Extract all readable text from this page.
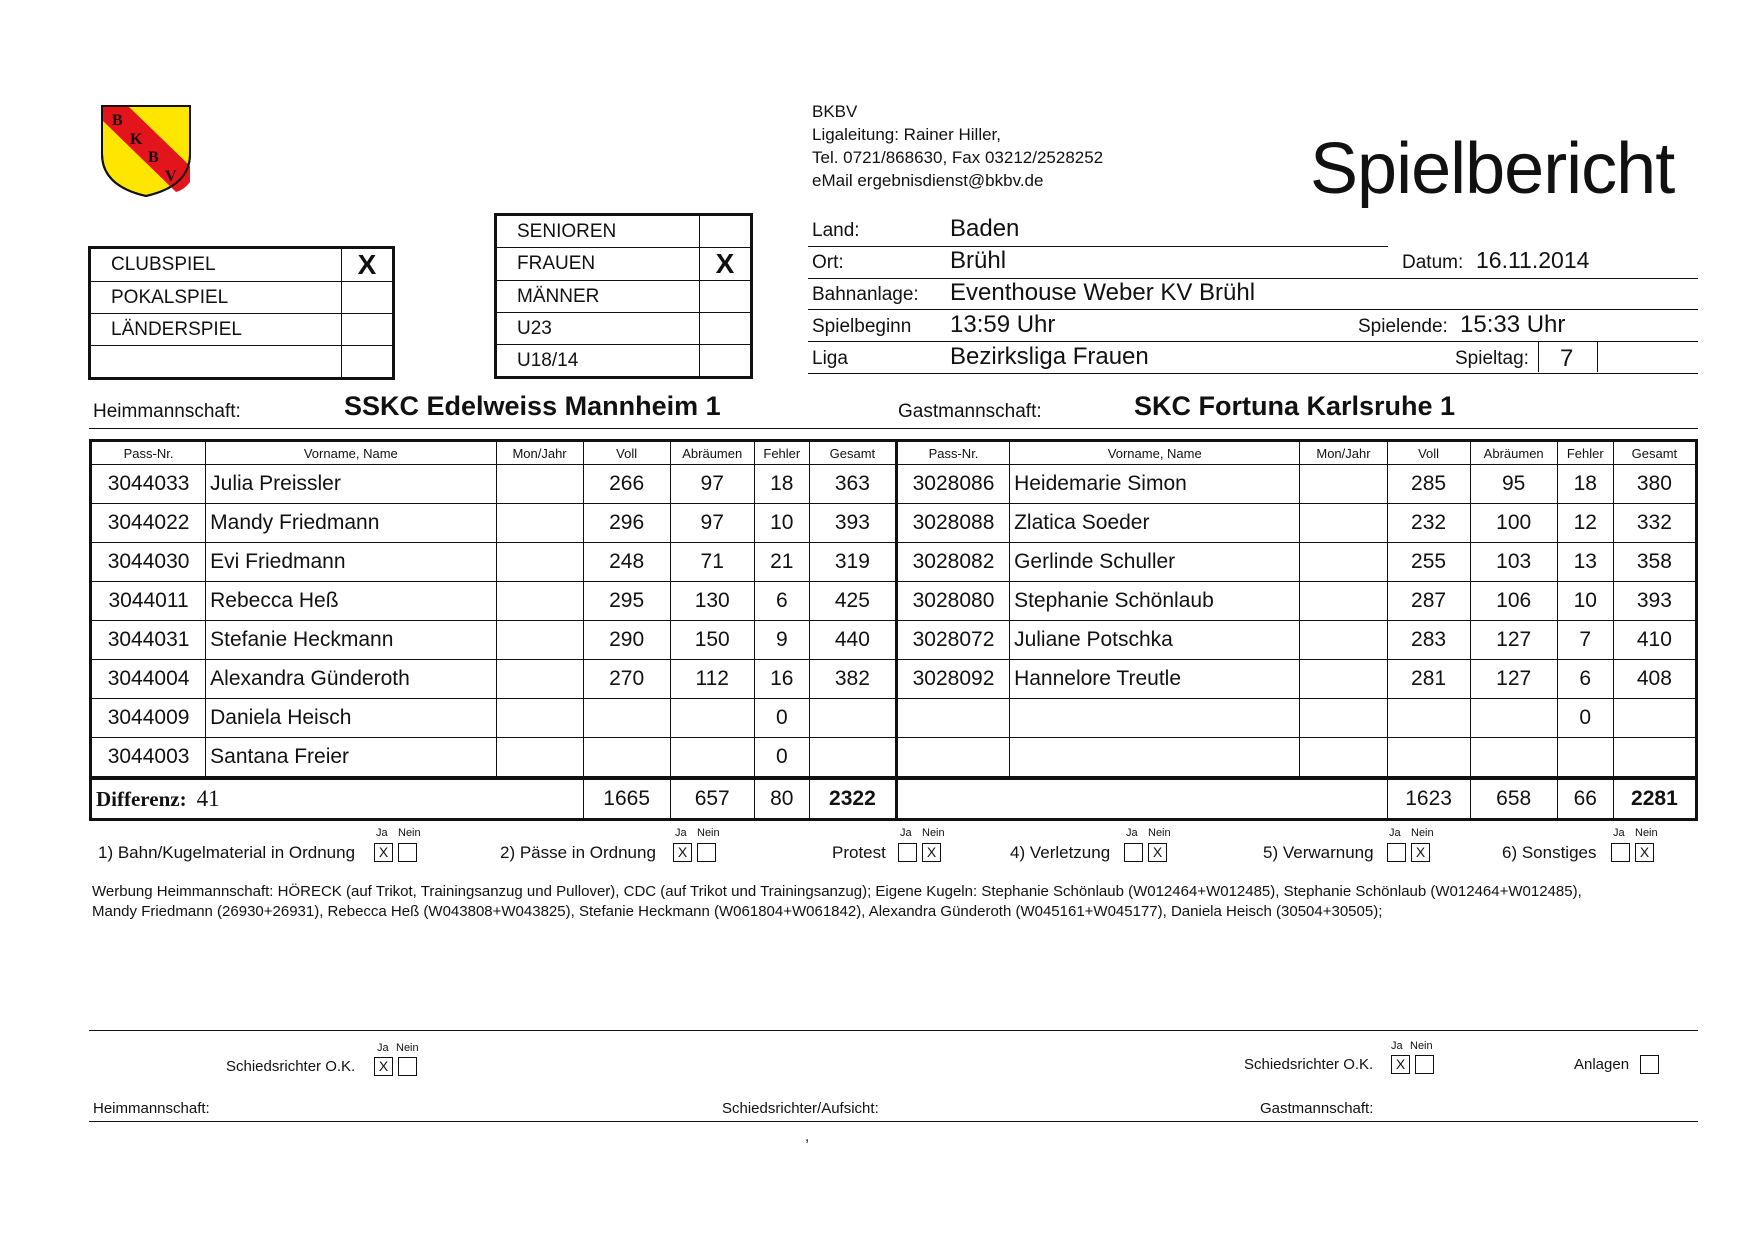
B
K
B
V
BKBV
Ligaleitung: Rainer Hiller,
Tel. 0721/868630, Fax 03212/2528252
eMail ergebnisdienst@bkbv.de	Spielbericht
CLUBSPIEL	X
POKALSPIEL	
LÄNDERSPIEL	

SENIOREN	
FRAUEN	X
MÄNNER	
U23	
U18/14	
Land:	Baden
Ort:	Brühl	Datum: 16.11.2014
Bahnanlage: Eventhouse Weber KV Brühl
Spielbeginn 13:59 Uhr	Spielende: 15:33 Uhr
Liga	Bezirksliga Frauen	Spieltag: 7
Heimmannschaft:	SSKC Edelweiss Mannheim 1	Gastmannschaft:	SKC Fortuna Karlsruhe 1
Pass-Nr.	Vorname, Name	Mon/Jahr	Voll	Abräumen	Fehler	Gesamt	Pass-Nr.	Vorname, Name	Mon/Jahr	Voll	Abräumen	Fehler	Gesamt
3044033	Julia Preissler		266	97	18	363	3028086	Heidemarie Simon		285	95	18	380
3044022	Mandy Friedmann		296	97	10	393	3028088	Zlatica Soeder		232	100	12	332
3044030	Evi Friedmann		248	71	21	319	3028082	Gerlinde Schuller		255	103	13	358
3044011	Rebecca Heß		295	130	6	425	3028080	Stephanie Schönlaub		287	106	10	393
3044031	Stefanie Heckmann		290	150	9	440	3028072	Juliane Potschka		283	127	7	410
3044004	Alexandra Günderoth		270	112	16	382	3028092	Hannelore Treutle		281	127	6	408
3044009	Daniela Heisch				0							0	
3044003	Santana Freier				0								
Differenz: 41			1665	657	80	2322				1623	658	66	2281
1) Bahn/Kugelmaterial in Ordnung
Ja
X
Nein
2) Pässe in Ordnung
Ja
X
Nein
Protest
Ja Nein
X	4) Verletzung
Ja Nein
X	5) Verwarnung
Ja Nein
X	6) Sonstiges
Ja Nein
X
Werbung Heimmannschaft: HÖRECK (auf Trikot, Trainingsanzug und Pullover), CDC (auf Trikot und Trainingsanzug); Eigene Kugeln: Stephanie Schönlaub (W012464+W012485), Stephanie Schönlaub (W012464+W012485),
Mandy Friedmann (26930+26931), Rebecca Heß (W043808+W043825), Stefanie Heckmann (W061804+W061842), Alexandra Günderoth (W045161+W045177), Daniela Heisch (30504+30505);
Ja Nein
Schiedsrichter O.K.	X
Ja Nein
Schiedsrichter O.K.	X	Anlagen
Heimmannschaft:	Schiedsrichter/Aufsicht:	Gastmannschaft:
,
